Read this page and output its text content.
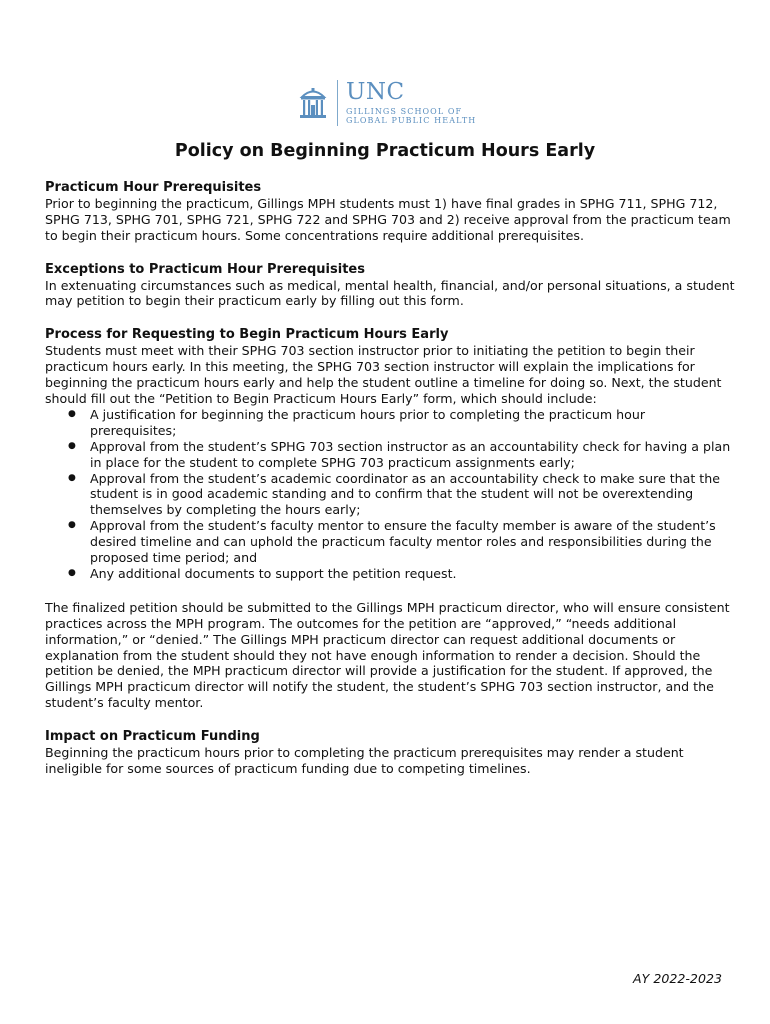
UNC
GILLINGS SCHOOL OF
GLOBAL PUBLIC HEALTH
Policy on Beginning Practicum Hours Early
Practicum Hour Prerequisites

Prior to beginning the practicum, Gillings MPH students must 1) have final grades in SPHG 711, SPHG 712, SPHG 713, SPHG 701, SPHG 721, SPHG 722 and SPHG 703 and 2) receive approval from the practicum team to begin their practicum hours. Some concentrations require additional prerequisites.

Exceptions to Practicum Hour Prerequisites

In extenuating circumstances such as medical, mental health, financial, and/or personal situations, a student may petition to begin their practicum early by filling out this form.

Process for Requesting to Begin Practicum Hours Early

Students must meet with their SPHG 703 section instructor prior to initiating the petition to begin their practicum hours early. In this meeting, the SPHG 703 section instructor will explain the implications for beginning the practicum hours early and help the student outline a timeline for doing so. Next, the student should fill out the “Petition to Begin Practicum Hours Early” form, which should include:

● A justification for beginning the practicum hours prior to completing the practicum hour prerequisites;
● Approval from the student’s SPHG 703 section instructor as an accountability check for having a plan in place for the student to complete SPHG 703 practicum assignments early;
● Approval from the student’s academic coordinator as an accountability check to make sure that the student is in good academic standing and to confirm that the student will not be overextending themselves by completing the hours early;
● Approval from the student’s faculty mentor to ensure the faculty member is aware of the student’s desired timeline and can uphold the practicum faculty mentor roles and responsibilities during the proposed time period; and
● Any additional documents to support the petition request.

The finalized petition should be submitted to the Gillings MPH practicum director, who will ensure consistent practices across the MPH program. The outcomes for the petition are “approved,” “needs additional information,” or “denied.” The Gillings MPH practicum director can request additional documents or explanation from the student should they not have enough information to render a decision. Should the petition be denied, the MPH practicum director will provide a justification for the student. If approved, the Gillings MPH practicum director will notify the student, the student’s SPHG 703 section instructor, and the student’s faculty mentor.

Impact on Practicum Funding

Beginning the practicum hours prior to completing the practicum prerequisites may render a student ineligible for some sources of practicum funding due to competing timelines.

AY 2022-2023
